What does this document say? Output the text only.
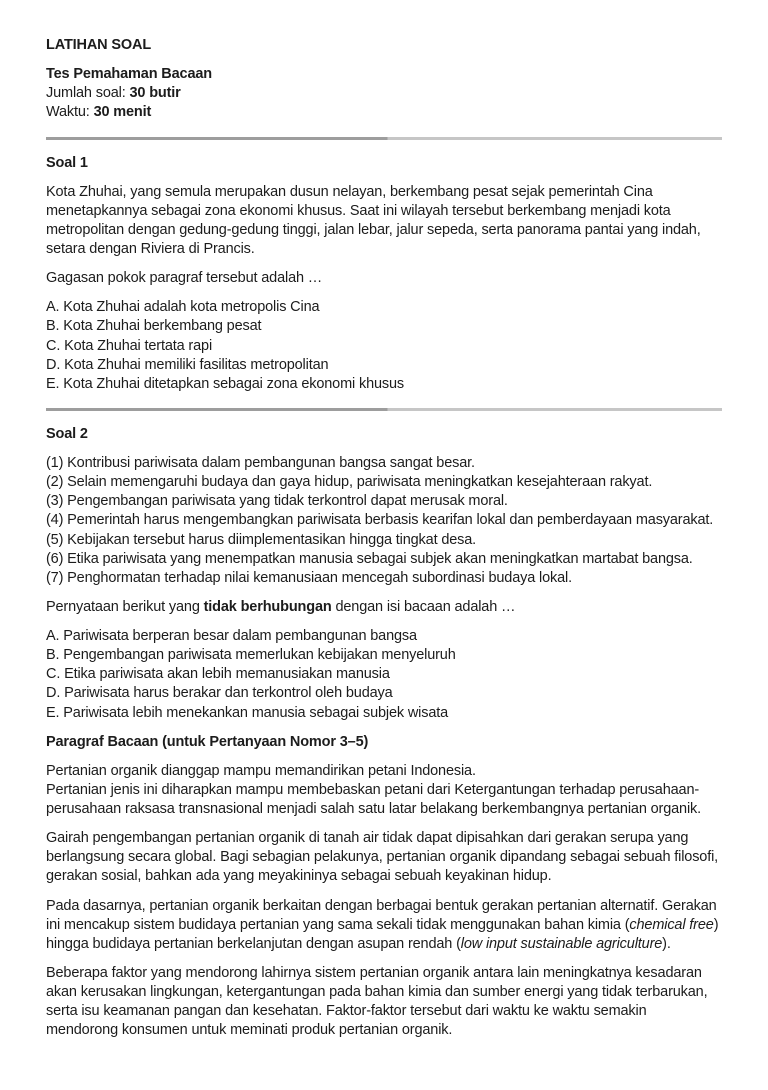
LATIHAN SOAL

Tes Pemahaman Bacaan

Jumlah soal: 30 butir

Waktu: 30 menit

Soal 1

Kota Zhuhai, yang semula merupakan dusun nelayan, berkembang pesat sejak pemerintah Cina menetapkannya sebagai zona ekonomi khusus. Saat ini wilayah tersebut berkembang menjadi kota metropolitan dengan gedung-gedung tinggi, jalan lebar, jalur sepeda, serta panorama pantai yang indah, setara dengan Riviera di Prancis.

Gagasan pokok paragraf tersebut adalah …

A. Kota Zhuhai adalah kota metropolis Cina

B. Kota Zhuhai berkembang pesat

C. Kota Zhuhai tertata rapi

D. Kota Zhuhai memiliki fasilitas metropolitan

E. Kota Zhuhai ditetapkan sebagai zona ekonomi khusus

Soal 2

(1) Kontribusi pariwisata dalam pembangunan bangsa sangat besar.

(2) Selain memengaruhi budaya dan gaya hidup, pariwisata meningkatkan kesejahteraan rakyat.

(3) Pengembangan pariwisata yang tidak terkontrol dapat merusak moral.

(4) Pemerintah harus mengembangkan pariwisata berbasis kearifan lokal dan pemberdayaan masyarakat.

(5) Kebijakan tersebut harus diimplementasikan hingga tingkat desa.

(6) Etika pariwisata yang menempatkan manusia sebagai subjek akan meningkatkan martabat bangsa.

(7) Penghormatan terhadap nilai kemanusiaan mencegah subordinasi budaya lokal.

Pernyataan berikut yang tidak berhubungan dengan isi bacaan adalah …

A. Pariwisata berperan besar dalam pembangunan bangsa

B. Pengembangan pariwisata memerlukan kebijakan menyeluruh

C. Etika pariwisata akan lebih memanusiakan manusia

D. Pariwisata harus berakar dan terkontrol oleh budaya

E. Pariwisata lebih menekankan manusia sebagai subjek wisata

Paragraf Bacaan (untuk Pertanyaan Nomor 3–5)

Pertanian organik dianggap mampu memandirikan petani Indonesia.

Pertanian jenis ini diharapkan mampu membebaskan petani dari Ketergantungan terhadap perusahaan-perusahaan raksasa transnasional menjadi salah satu latar belakang berkembangnya pertanian organik.

Gairah pengembangan pertanian organik di tanah air tidak dapat dipisahkan dari gerakan serupa yang berlangsung secara global. Bagi sebagian pelakunya, pertanian organik dipandang sebagai sebuah filosofi, gerakan sosial, bahkan ada yang meyakininya sebagai sebuah keyakinan hidup.

Pada dasarnya, pertanian organik berkaitan dengan berbagai bentuk gerakan pertanian alternatif. Gerakan ini mencakup sistem budidaya pertanian yang sama sekali tidak menggunakan bahan kimia (chemical free) hingga budidaya pertanian berkelanjutan dengan asupan rendah (low input sustainable agriculture).

Beberapa faktor yang mendorong lahirnya sistem pertanian organik antara lain meningkatnya kesadaran akan kerusakan lingkungan, ketergantungan pada bahan kimia dan sumber energi yang tidak terbarukan, serta isu keamanan pangan dan kesehatan. Faktor-faktor tersebut dari waktu ke waktu semakin mendorong konsumen untuk meminati produk pertanian organik.
